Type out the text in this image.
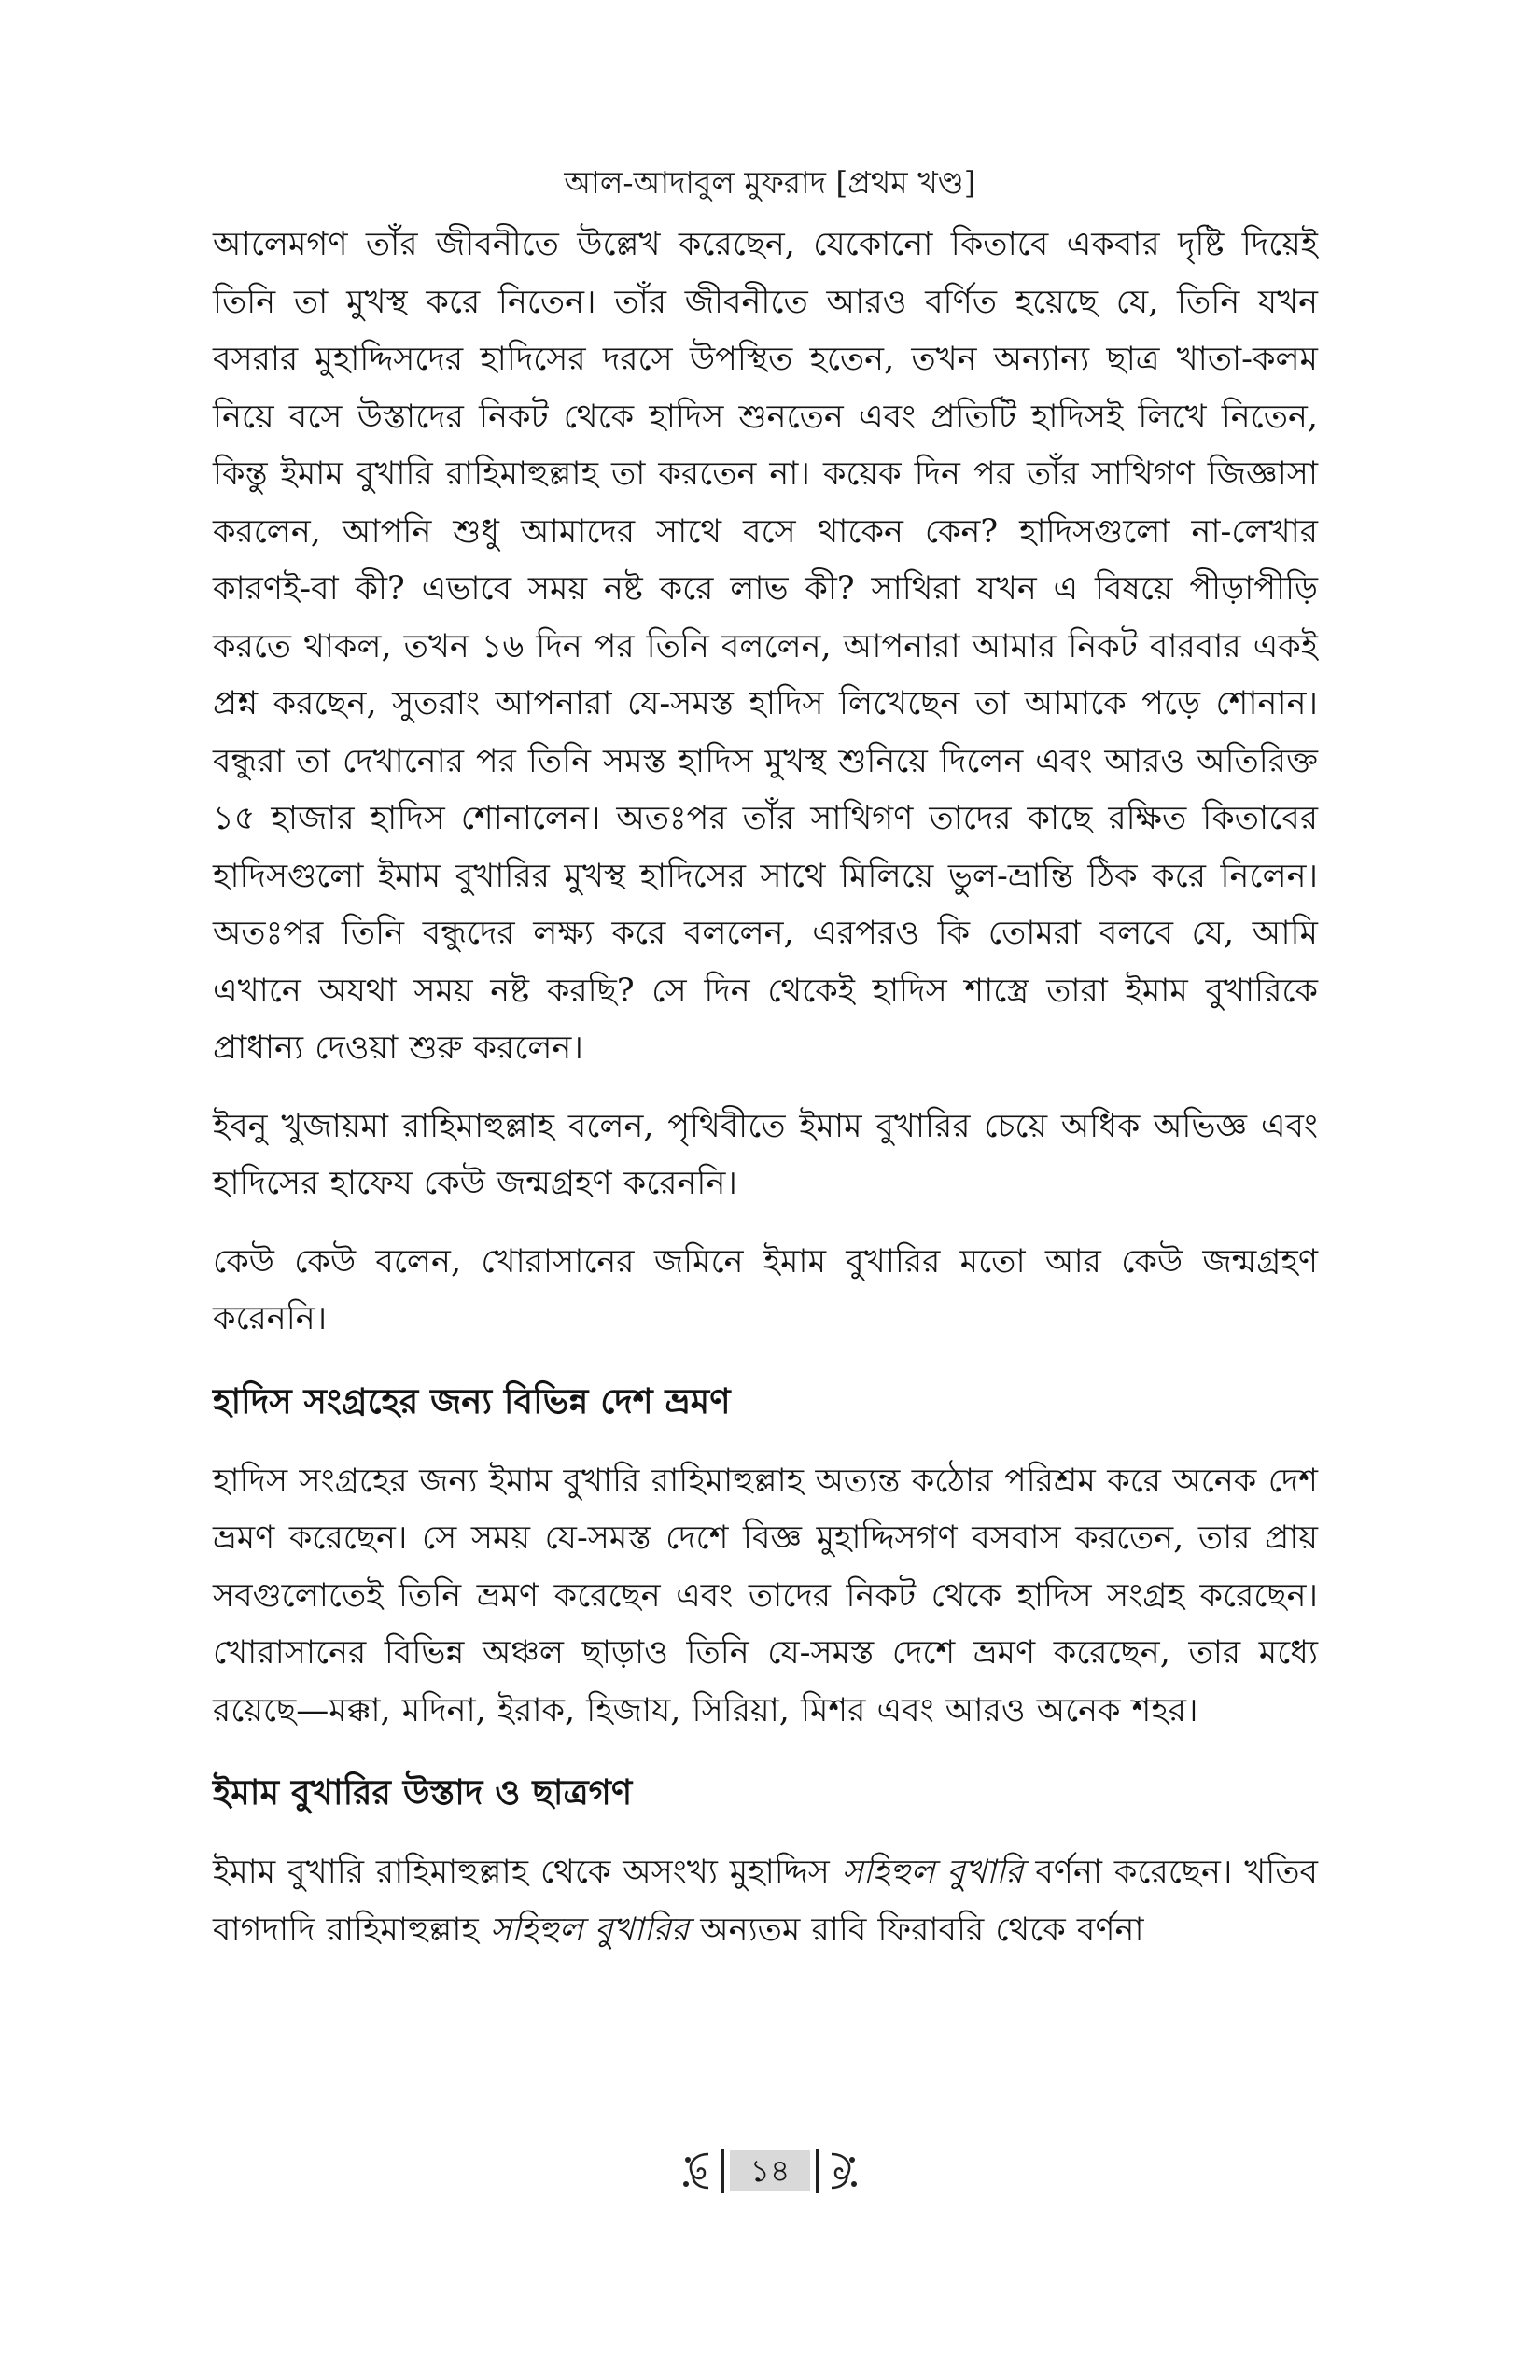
আল-আদাবুল মুফরাদ [প্রথম খণ্ড]

আলেমগণ তাঁর জীবনীতে উল্লেখ করেছেন, যেকোনো কিতাবে একবার দৃষ্টি দিয়েই তিনি তা মুখস্থ করে নিতেন। তাঁর জীবনীতে আরও বর্ণিত হয়েছে যে, তিনি যখন বসরার মুহাদ্দিসদের হাদিসের দরসে উপস্থিত হতেন, তখন অন্যান্য ছাত্র খাতা-কলম নিয়ে বসে উস্তাদের নিকট থেকে হাদিস শুনতেন এবং প্রতিটি হাদিসই লিখে নিতেন, কিন্তু ইমাম বুখারি রাহিমাহুল্লাহ তা করতেন না। কয়েক দিন পর তাঁর সাথিগণ জিজ্ঞাসা করলেন, আপনি শুধু আমাদের সাথে বসে থাকেন কেন? হাদিসগুলো না-লেখার কারণই-বা কী? এভাবে সময় নষ্ট করে লাভ কী? সাথিরা যখন এ বিষয়ে পীড়াপীড়ি করতে থাকল, তখন ১৬ দিন পর তিনি বললেন, আপনারা আমার নিকট বারবার একই প্রশ্ন করছেন, সুতরাং আপনারা যে-সমস্ত হাদিস লিখেছেন তা আমাকে পড়ে শোনান। বন্ধুরা তা দেখানোর পর তিনি সমস্ত হাদিস মুখস্থ শুনিয়ে দিলেন এবং আরও অতিরিক্ত ১৫ হাজার হাদিস শোনালেন। অতঃপর তাঁর সাথিগণ তাদের কাছে রক্ষিত কিতাবের হাদিসগুলো ইমাম বুখারির মুখস্থ হাদিসের সাথে মিলিয়ে ভুল-ভ্রান্তি ঠিক করে নিলেন। অতঃপর তিনি বন্ধুদের লক্ষ্য করে বললেন, এরপরও কি তোমরা বলবে যে, আমি এখানে অযথা সময় নষ্ট করছি? সে দিন থেকেই হাদিস শাস্ত্রে তারা ইমাম বুখারিকে প্রাধান্য দেওয়া শুরু করলেন।

ইবনু খুজায়মা রাহিমাহুল্লাহ বলেন, পৃথিবীতে ইমাম বুখারির চেয়ে অধিক অভিজ্ঞ এবং হাদিসের হাফেয কেউ জন্মগ্রহণ করেননি।

কেউ কেউ বলেন, খোরাসানের জমিনে ইমাম বুখারির মতো আর কেউ জন্মগ্রহণ করেননি।

হাদিস সংগ্রহের জন্য বিভিন্ন দেশ ভ্রমণ

হাদিস সংগ্রহের জন্য ইমাম বুখারি রাহিমাহুল্লাহ অত্যন্ত কঠোর পরিশ্রম করে অনেক দেশ ভ্রমণ করেছেন। সে সময় যে-সমস্ত দেশে বিজ্ঞ মুহাদ্দিসগণ বসবাস করতেন, তার প্রায় সবগুলোতেই তিনি ভ্রমণ করেছেন এবং তাদের নিকট থেকে হাদিস সংগ্রহ করেছেন। খোরাসানের বিভিন্ন অঞ্চল ছাড়াও তিনি যে-সমস্ত দেশে ভ্রমণ করেছেন, তার মধ্যে রয়েছে—মক্কা, মদিনা, ইরাক, হিজায, সিরিয়া, মিশর এবং আরও অনেক শহর।

ইমাম বুখারির উস্তাদ ও ছাত্রগণ

ইমাম বুখারি রাহিমাহুল্লাহ থেকে অসংখ্য মুহাদ্দিস সহিহুল বুখারি বর্ণনা করেছেন। খতিব বাগদাদি রাহিমাহুল্লাহ সহিহুল বুখারির অন্যতম রাবি ফিরাবরি থেকে বর্ণনা

১৪
